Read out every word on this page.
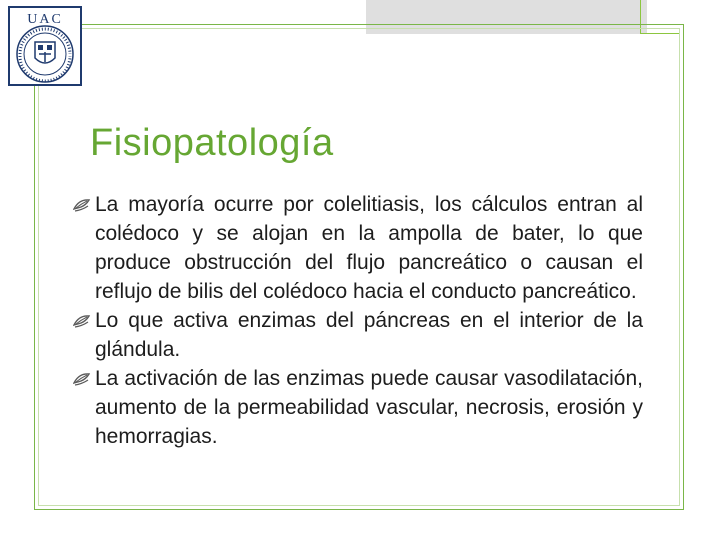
UAC
Fisiopatología
La mayoría ocurre por colelitiasis, los cálculos entran al colédoco y se alojan en la ampolla de bater, lo que produce obstrucción del flujo pancreático o causan el reflujo de bilis del colédoco hacia el conducto pancreático.
Lo que activa enzimas del páncreas en el interior de la glándula.
La activación de las enzimas puede causar vasodilatación, aumento de la permeabilidad vascular, necrosis, erosión y hemorragias.
